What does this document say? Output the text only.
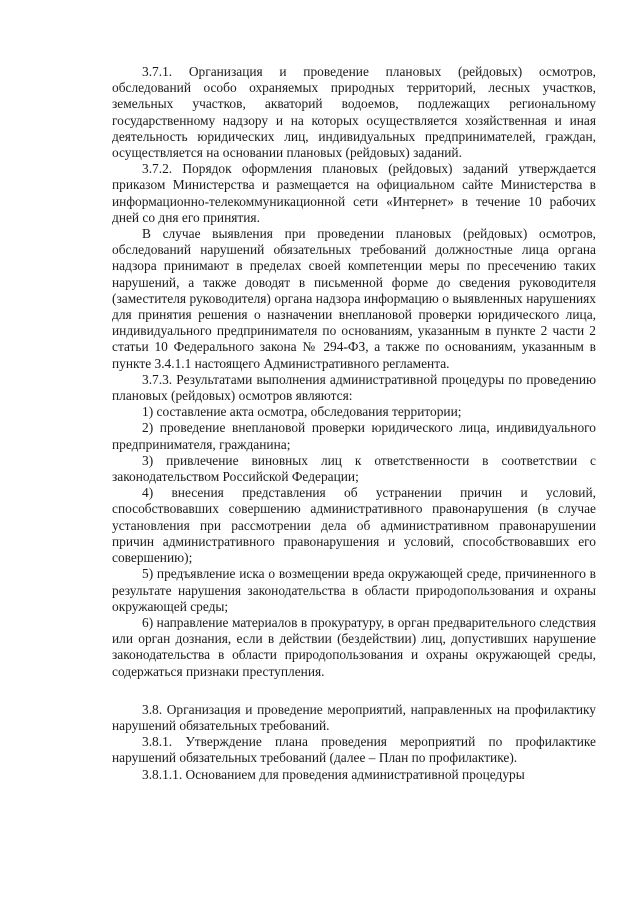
3.7.1. Организация и проведение плановых (рейдовых) осмотров, обследований особо охраняемых природных территорий, лесных участков, земельных участков, акваторий водоемов, подлежащих региональному государственному надзору и на которых осуществляется хозяйственная и иная деятельность юридических лиц, индивидуальных предпринимателей, граждан, осуществляется на основании плановых (рейдовых) заданий.

3.7.2. Порядок оформления плановых (рейдовых) заданий утверждается приказом Министерства и размещается на официальном сайте Министерства в информационно-телекоммуникационной сети «Интернет» в течение 10 рабочих дней со дня его принятия.

В случае выявления при проведении плановых (рейдовых) осмотров, обследований нарушений обязательных требований должностные лица органа надзора принимают в пределах своей компетенции меры по пресечению таких нарушений, а также доводят в письменной форме до сведения руководителя (заместителя руководителя) органа надзора информацию о выявленных нарушениях для принятия решения о назначении внеплановой проверки юридического лица, индивидуального предпринимателя по основаниям, указанным в пункте 2 части 2 статьи 10 Федерального закона № 294-ФЗ, а также по основаниям, указанным в пункте 3.4.1.1 настоящего Административного регламента.

3.7.3. Результатами выполнения административной процедуры по проведению плановых (рейдовых) осмотров являются:

1) составление акта осмотра, обследования территории;

2) проведение внеплановой проверки юридического лица, индивидуального предпринимателя, гражданина;

3) привлечение виновных лиц к ответственности в соответствии с законодательством Российской Федерации;

4) внесения представления об устранении причин и условий, способствовавших совершению административного правонарушения (в случае установления при рассмотрении дела об административном правонарушении причин административного правонарушения и условий, способствовавших его совершению);

5) предъявление иска о возмещении вреда окружающей среде, причиненного в результате нарушения законодательства в области природопользования и охраны окружающей среды;

6) направление материалов в прокуратуру, в орган предварительного следствия или орган дознания, если в действии (бездействии) лиц, допустивших нарушение законодательства в области природопользования и охраны окружающей среды, содержаться признаки преступления.

3.8. Организация и проведение мероприятий, направленных на профилактику нарушений обязательных требований.

3.8.1. Утверждение плана проведения мероприятий по профилактике нарушений обязательных требований (далее – План по профилактике).

3.8.1.1. Основанием для проведения административной процедуры
